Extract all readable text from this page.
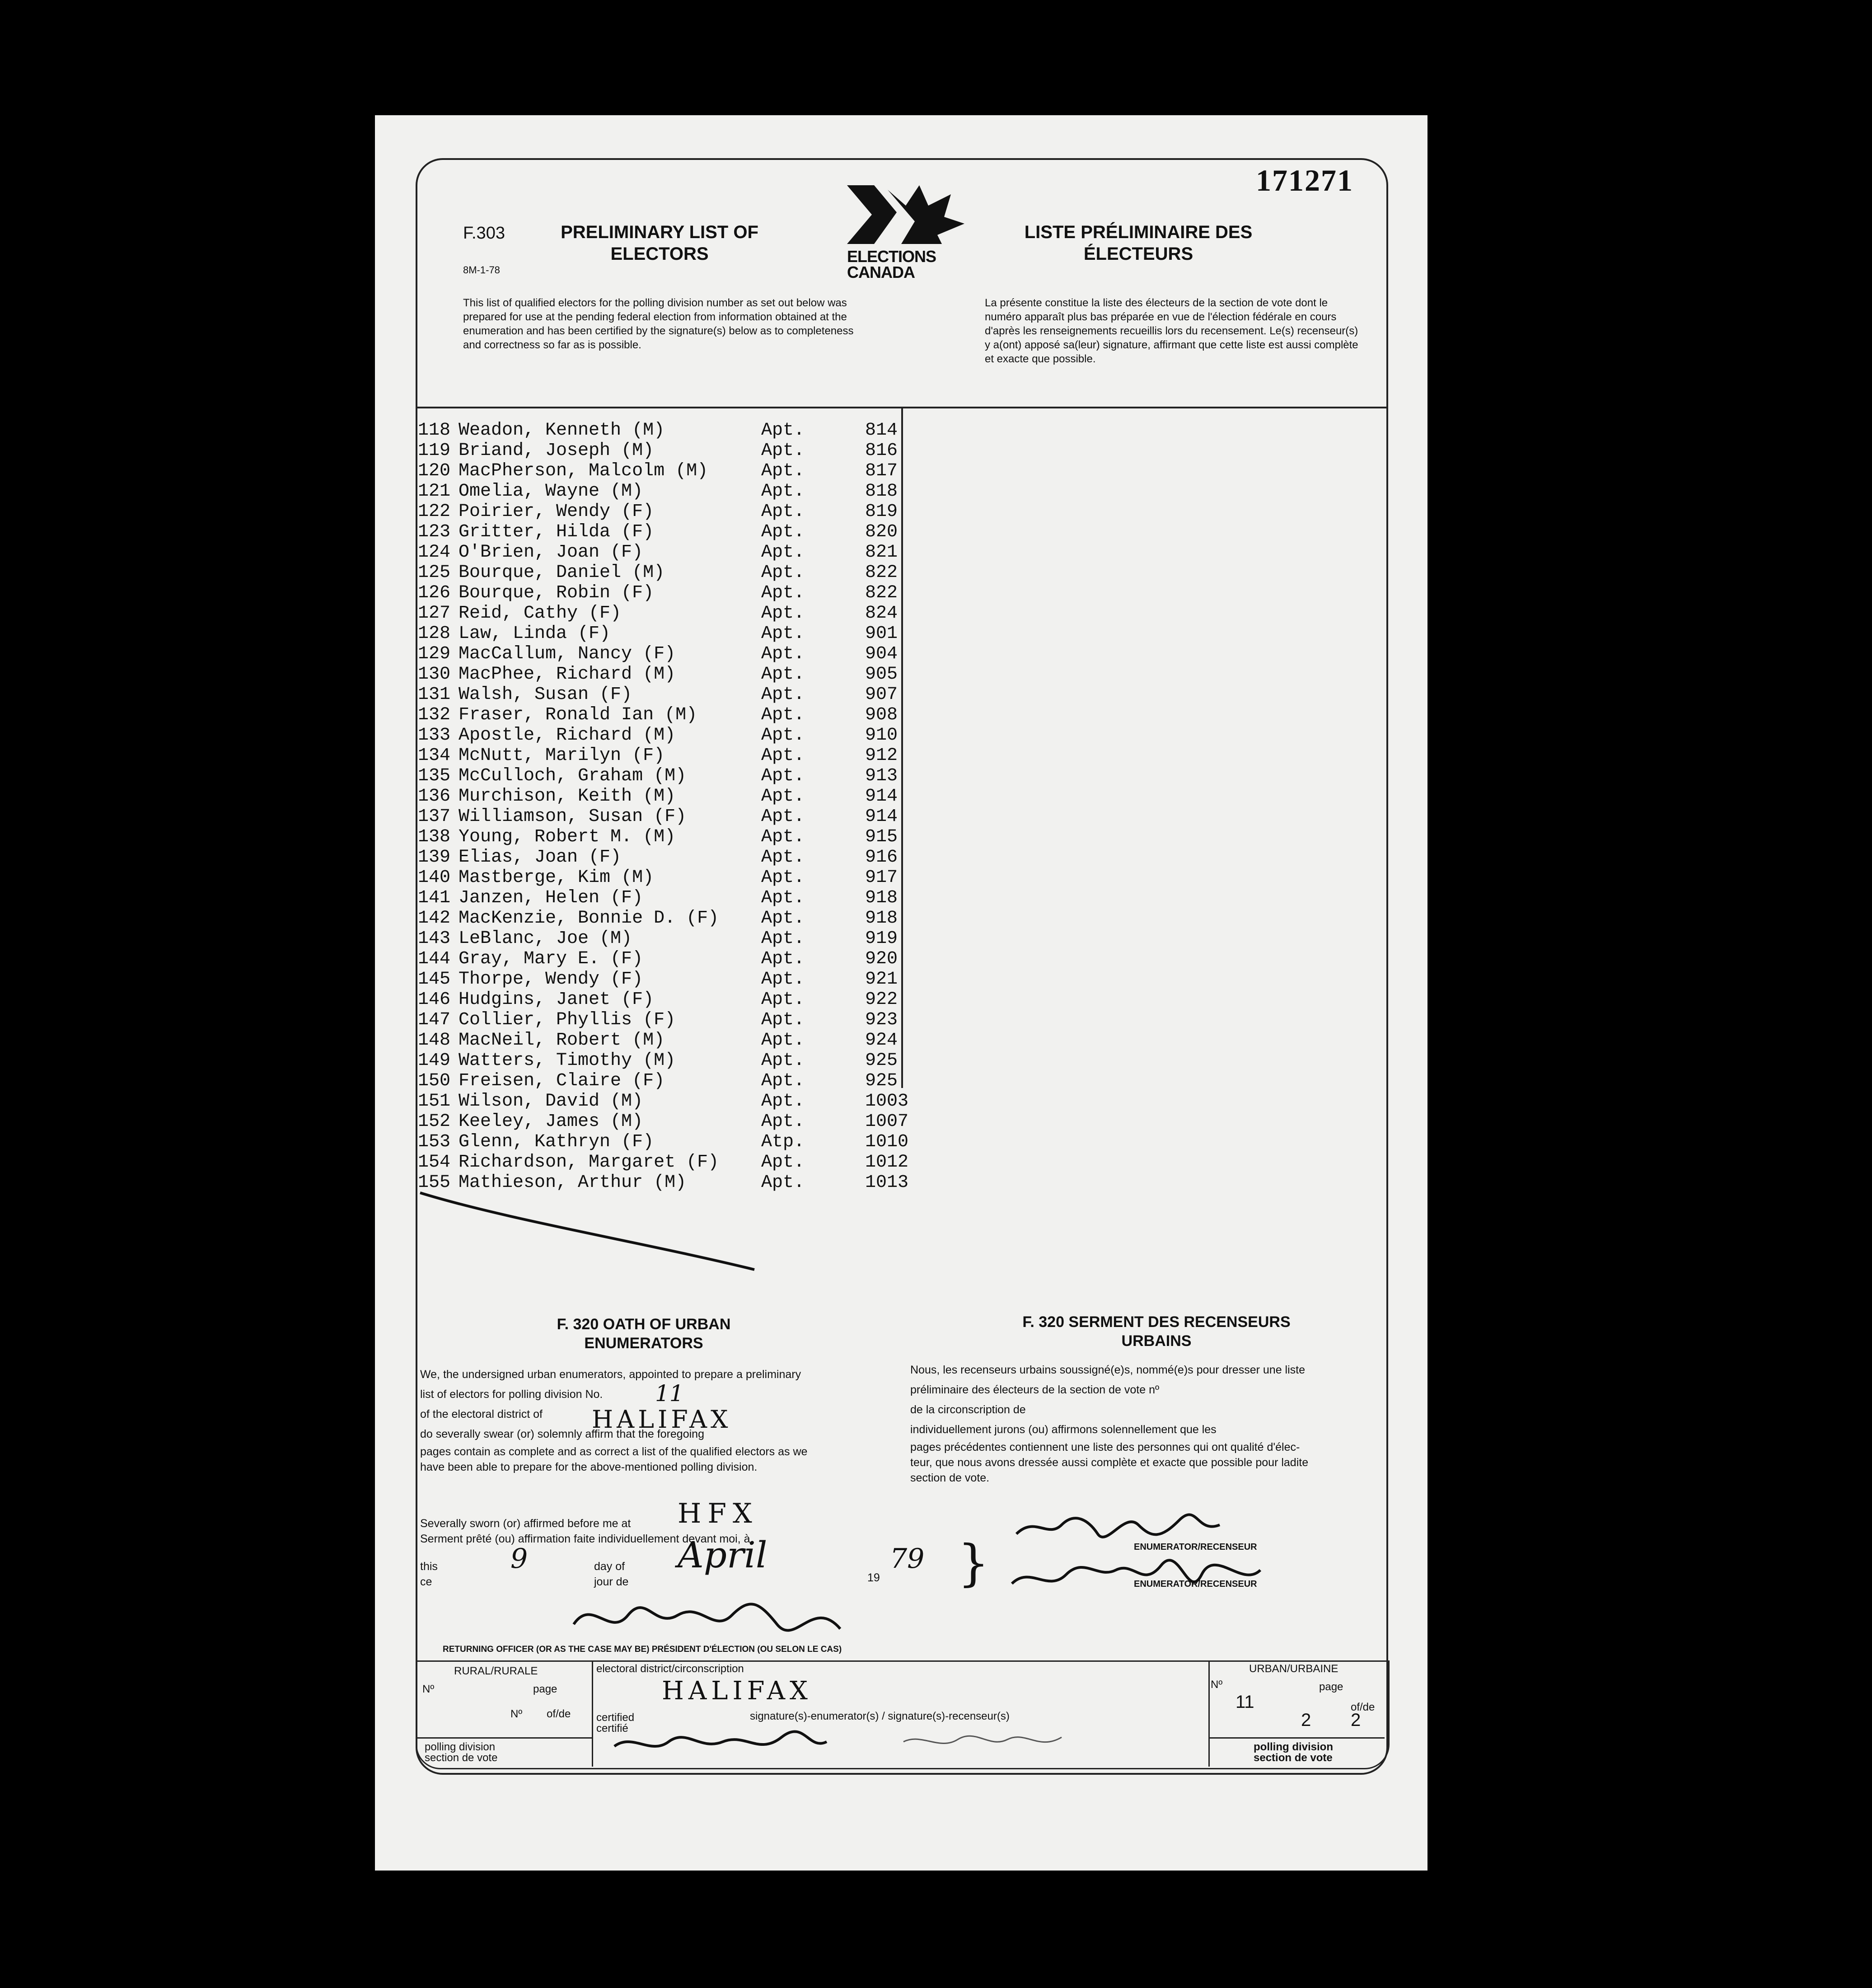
171271
F.303
8M-1-78
PRELIMINARY LIST OF ELECTORS	ELECTIONS
CANADA
LISTE PRÉLIMINAIRE DES ÉLECTEURS
This list of qualified electors for the polling division number as set out below was prepared for use at the pending federal election from information obtained at the enumeration and has been certified by the signature(s) below as to completeness and correctness so far as is possible.
La présente constitue la liste des électeurs de la section de vote dont le numéro apparaît plus bas préparée en vue de l'élection fédérale en cours d'après les renseignements recueillis lors du recensement. Le(s) recenseur(s) y a(ont) apposé sa(leur) signature, affirmant que cette liste est aussi complète et exacte que possible.
118 Weadon, Kenneth (M)	Apt.	814
119 Briand, Joseph (M)	Apt.	816
120 MacPherson, Malcolm (M)	Apt.	817
121 Omelia, Wayne (M)	Apt.	818
122 Poirier, Wendy (F)	Apt.	819
123 Gritter, Hilda (F)	Apt.	820
124 O'Brien, Joan (F)	Apt.	821
125 Bourque, Daniel (M)	Apt.	822
126 Bourque, Robin (F)	Apt.	822
127 Reid, Cathy (F)	Apt.	824
128 Law, Linda (F)	Apt.	901
129 MacCallum, Nancy (F)	Apt.	904
130 MacPhee, Richard (M)	Apt.	905
131 Walsh, Susan (F)	Apt.	907
132 Fraser, Ronald Ian (M)	Apt.	908
133 Apostle, Richard (M)	Apt.	910
134 McNutt, Marilyn (F)	Apt.	912
135 McCulloch, Graham (M)	Apt.	913
136 Murchison, Keith (M)	Apt.	914
137 Williamson, Susan (F)	Apt.	914
138 Young, Robert M. (M)	Apt.	915
139 Elias, Joan (F)	Apt.	916
140 Mastberge, Kim (M)	Apt.	917
141 Janzen, Helen (F)	Apt.	918
142 MacKenzie, Bonnie D. (F) Apt.	918
143 LeBlanc, Joe (M)	Apt.	919
144 Gray, Mary E. (F)	Apt.	920
145 Thorpe, Wendy (F)	Apt.	921
146 Hudgins, Janet (F)	Apt.	922
147 Collier, Phyllis (F)	Apt.	923
148 MacNeil, Robert (M)	Apt.	924
149 Watters, Timothy (M)	Apt.	925
150 Freisen, Claire (F)	Apt.	925
151 Wilson, David (M)	Apt.	1003
152 Keeley, James (M)	Apt.	1007
153 Glenn, Kathryn (F)	Atp.	1010
154 Richardson, Margaret (F) Apt.	1012
155 Mathieson, Arthur (M)	Apt.	1013
F. 320 OATH OF URBAN ENUMERATORS
F. 320 SERMENT DES RECENSEURS URBAINS
We, the undersigned urban enumerators, appointed to prepare a preliminary
list of electors for polling division No.
of the electoral district of
do severally swear (or) solemnly affirm that the foregoing
pages contain as complete and as correct a list of the qualified electors as we
have been able to prepare for the above-mentioned polling division.
11
HALIFAX
Nous, les recenseurs urbains soussigné(e)s, nommé(e)s pour dresser une liste
préliminaire des électeurs de la section de vote nº
de la circonscription de
individuellement jurons (ou) affirmons solennellement que les
pages précédentes contiennent une liste des personnes qui ont qualité d'élec-
teur, que nous avons dressée aussi complète et exacte que possible pour ladite
section de vote.
Severally sworn (or) affirmed before me at
Serment prêté (ou) affirmation faite individuellement devant moi, à
HFX
this
ce
9	day of
jour de
April
19
79 }	ENUMERATOR/RECENSEUR
ENUMERATOR/RECENSEUR
RETURNING OFFICER (OR AS THE CASE MAY BE) PRÉSIDENT D'ÉLECTION (OU SELON LE CAS)
RURAL/RURALE
Nº	page
Nº of/de
polling division
section de vote
electoral district/circonscription
HALIFAX
certified
certifié
signature(s)-enumerator(s) / signature(s)-recenseur(s)
URBAN/URBAINE
Nº
11
page
of/de
2 2
polling division
section de vote
